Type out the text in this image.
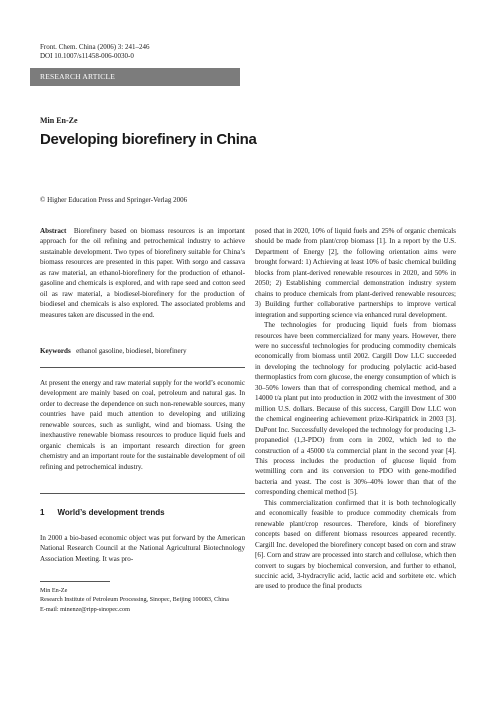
Front. Chem. China (2006) 3: 241–246
DOI 10.1007/s11458-006-0030-0
RESEARCH ARTICLE
Min En-Ze
Developing biorefinery in China
© Higher Education Press and Springer-Verlag 2006

Abstract Biorefinery based on biomass resources is an important approach for the oil refining and petrochemical industry to achieve sustainable development. Two types of biorefinery suitable for China’s biomass resources are presented in this paper. With sorgo and cassava as raw material, an ethanol-biorefinery for the production of ethanol-gasoline and chemicals is explored, and with rape seed and cotton seed oil as raw material, a biodiesel-biorefinery for the production of biodiesel and chemicals is also explored. The associated problems and measures taken are discussed in the end.

Keywords ethanol gasoline, biodiesel, biorefinery

At present the energy and raw material supply for the world’s economic development are mainly based on coal, petroleum and natural gas. In order to decrease the dependence on such non-renewable sources, many countries have paid much attention to developing and utilizing renewable sources, such as sunlight, wind and biomass. Using the inexhaustive renewable biomass resources to produce liquid fuels and organic chemicals is an important research direction for green chemistry and an important route for the sustainable development of oil refining and petrochemical industry.

1 World’s development trends

In 2000 a bio-based economic object was put forward by the American National Research Council at the National Agricultural Biotechnology Association Meeting. It was pro-

Min En-Ze
Research Institute of Petroleum Processing, Sinopec, Beijing 100083, China
E-mail: minenze@ripp-sinopec.com

posed that in 2020, 10% of liquid fuels and 25% of organic chemicals should be made from plant/crop biomass [1]. In a report by the U.S. Department of Energy [2], the following orientation aims were brought forward: 1) Achieving at least 10% of basic chemical building blocks from plant-derived renewable resources in 2020, and 50% in 2050; 2) Establishing commercial demonstration industry system chains to produce chemicals from plant-derived renewable resources; 3) Building further collaborative partnerships to improve vertical integration and supporting science via enhanced rural development.

The technologies for producing liquid fuels from biomass resources have been commercialized for many years. However, there were no successful technologies for producing commodity chemicals economically from biomass until 2002. Cargill Dow LLC succeeded in developing the technology for producing polylactic acid-based thermoplastics from corn glucose, the energy consumption of which is 30–50% lowers than that of corresponding chemical method, and a 14000 t/a plant put into production in 2002 with the investment of 300 million U.S. dollars. Because of this success, Cargill Dow LLC won the chemical engineering achievement prize-Kirkpatrick in 2003 [3]. DuPont Inc. Successfully developed the technology for producing 1,3-propanediol (1,3-PDO) from corn in 2002, which led to the construction of a 45000 t/a commercial plant in the second year [4]. This process includes the production of glucose liquid from wetmilling corn and its conversion to PDO with gene-modified bacteria and yeast. The cost is 30%–40% lower than that of the corresponding chemical method [5].

This commercialization confirmed that it is both technologically and economically feasible to produce commodity chemicals from renewable plant/crop resources. Therefore, kinds of biorefinery concepts based on different biomass resources appeared recently. Cargill Inc. developed the biorefinery concept based on corn and straw [6]. Corn and straw are processed into starch and cellulose, which then convert to sugars by biochemical conversion, and further to ethanol, succinic acid, 3-hydracrylic acid, lactic acid and sorbitete etc. which are used to produce the final products
